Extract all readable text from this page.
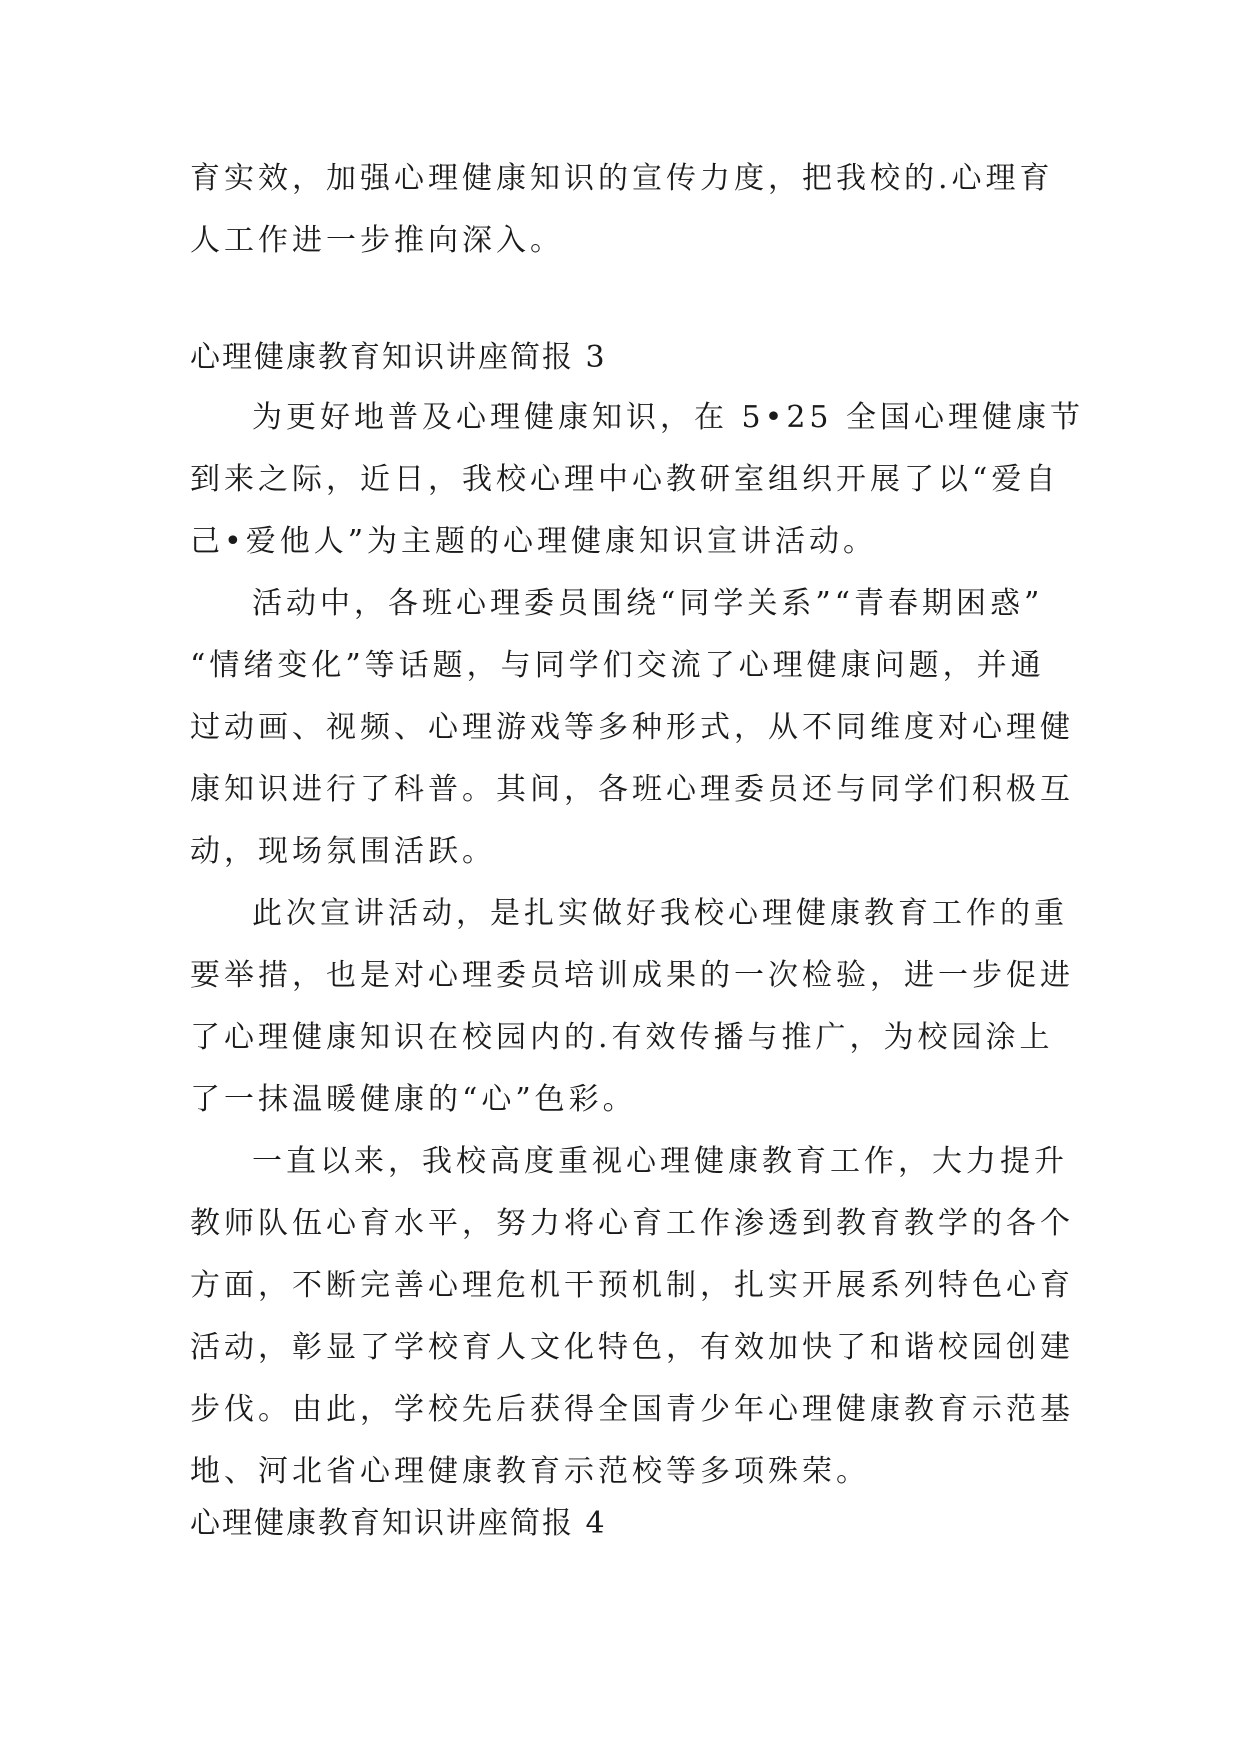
育实效，加强心理健康知识的宣传力度，把我校的.心理育
人工作进一步推向深入。
心理健康教育知识讲座简报 3
为更好地普及心理健康知识，在 5•25 全国心理健康节
到来之际，近日，我校心理中心教研室组织开展了以“爱自
己•爱他人”为主题的心理健康知识宣讲活动。
活动中，各班心理委员围绕“同学关系”“青春期困惑”
“情绪变化”等话题，与同学们交流了心理健康问题，并通
过动画、视频、心理游戏等多种形式，从不同维度对心理健
康知识进行了科普。其间，各班心理委员还与同学们积极互
动，现场氛围活跃。
此次宣讲活动，是扎实做好我校心理健康教育工作的重
要举措，也是对心理委员培训成果的一次检验，进一步促进
了心理健康知识在校园内的.有效传播与推广，为校园涂上
了一抹温暖健康的“心”色彩。
一直以来，我校高度重视心理健康教育工作，大力提升
教师队伍心育水平，努力将心育工作渗透到教育教学的各个
方面，不断完善心理危机干预机制，扎实开展系列特色心育
活动，彰显了学校育人文化特色，有效加快了和谐校园创建
步伐。由此，学校先后获得全国青少年心理健康教育示范基
地、河北省心理健康教育示范校等多项殊荣。
心理健康教育知识讲座简报 4
